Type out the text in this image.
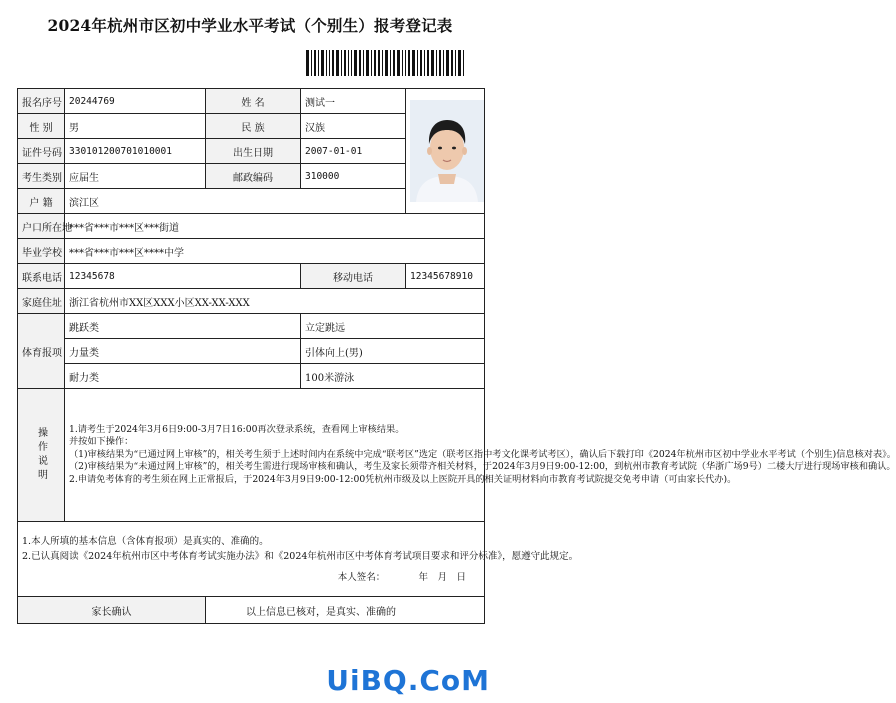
2024年杭州市区初中学业水平考试（个别生）报考登记表
报名序号	20244769	姓 名	测试一	

性 别	男	民 族	汉族	
证件号码	330101200701010001	出生日期	2007-01-01	
考生类别	应届生	邮政编码	310000	
户 籍	滨江区			
户口所在地	***省***市***区***街道			
毕业学校	***省***市***区****中学			
联系电话	12345678		移动电话	12345678910
家庭住址	浙江省杭州市XX区XXX小区XX-XX-XXX			
体育报项	跳跃类		立定跳远	
	力量类		引体向上(男)	
	耐力类		100米游泳	

操作说明	1.请考生于2024年3月6日9:00-3月7日16:00再次登录系统，查看网上审核结果。
并按如下操作：
（1)审核结果为“已通过网上审核”的，相关考生须于上述时间内在系统中完成“联考区”选定（联考区指中考文化课考试考区），确认后下载打印《2024年杭州市区初中学业水平考试（个别生)信息核对表》。
（2)审核结果为“未通过网上审核”的，相关考生需进行现场审核和确认，考生及家长须带齐相关材料，于2024年3月9日9:00-12:00，到杭州市教育考试院（华浙广场9号）二楼大厅进行现场审核和确认。
2.申请免考体育的考生须在网上正常报后，于2024年3月9日9:00-12:00凭杭州市级及以上医院开具的相关证明材料向市教育考试院提交免考申请（可由家长代办)。			

1.本人所填的基本信息（含体育报项）是真实的、准确的。
2.已认真阅读《2024年杭州市区中考体育考试实施办法》和《2024年杭州市区中考体育考试项目要求和评分标准》，愿遵守此规定。
本人签名：　　　　年　月　日				

家长确认		以上信息已核对，是真实、准确的		
UiBQ.CoM
